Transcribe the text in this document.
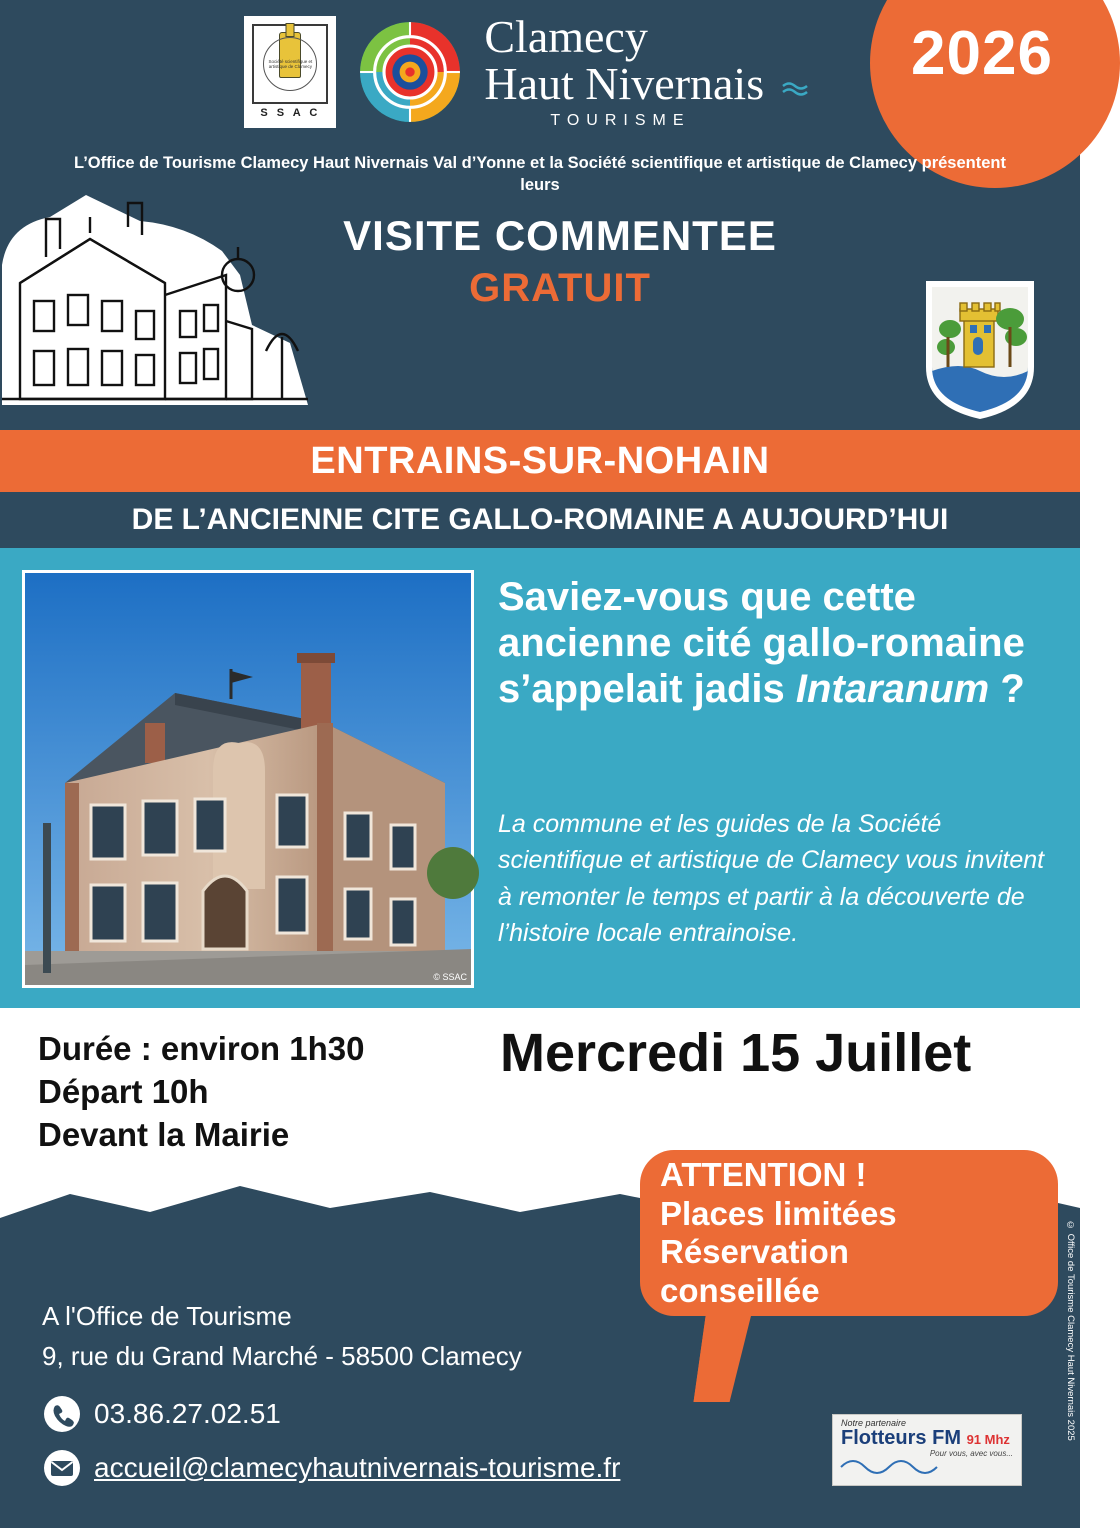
2026
Société scientifique et artistique de Clamecy
S S A C
Clamecy
Haut Nivernais
TOURISME
L’Office de Tourisme Clamecy Haut Nivernais Val d’Yonne et la Société scientifique et artistique de Clamecy présentent leurs
VISITE COMMENTEE
GRATUIT
ENTRAINS-SUR-NOHAIN
DE L’ANCIENNE CITE GALLO-ROMAINE A AUJOURD’HUI
© SSAC
Saviez-vous que cette ancienne cité gallo-romaine s’appelait jadis Intaranum ?
La commune et les guides de la Société scientifique et artistique de Clamecy vous invitent à remonter le temps et partir à la découverte de l’histoire locale entrainoise.
Durée : environ 1h30
Départ 10h
Devant la Mairie
Mercredi 15 Juillet
ATTENTION !
Places limitées
Réservation
conseillée
A l'Office de Tourisme
9, rue du Grand Marché - 58500 Clamecy
03.86.27.02.51
accueil@clamecyhautnivernais-tourisme.fr
Notre partenaire
Flotteurs FM 91 Mhz
Pour vous, avec vous...
© Office de Tourisme Clamecy Haut Nivernais 2025
